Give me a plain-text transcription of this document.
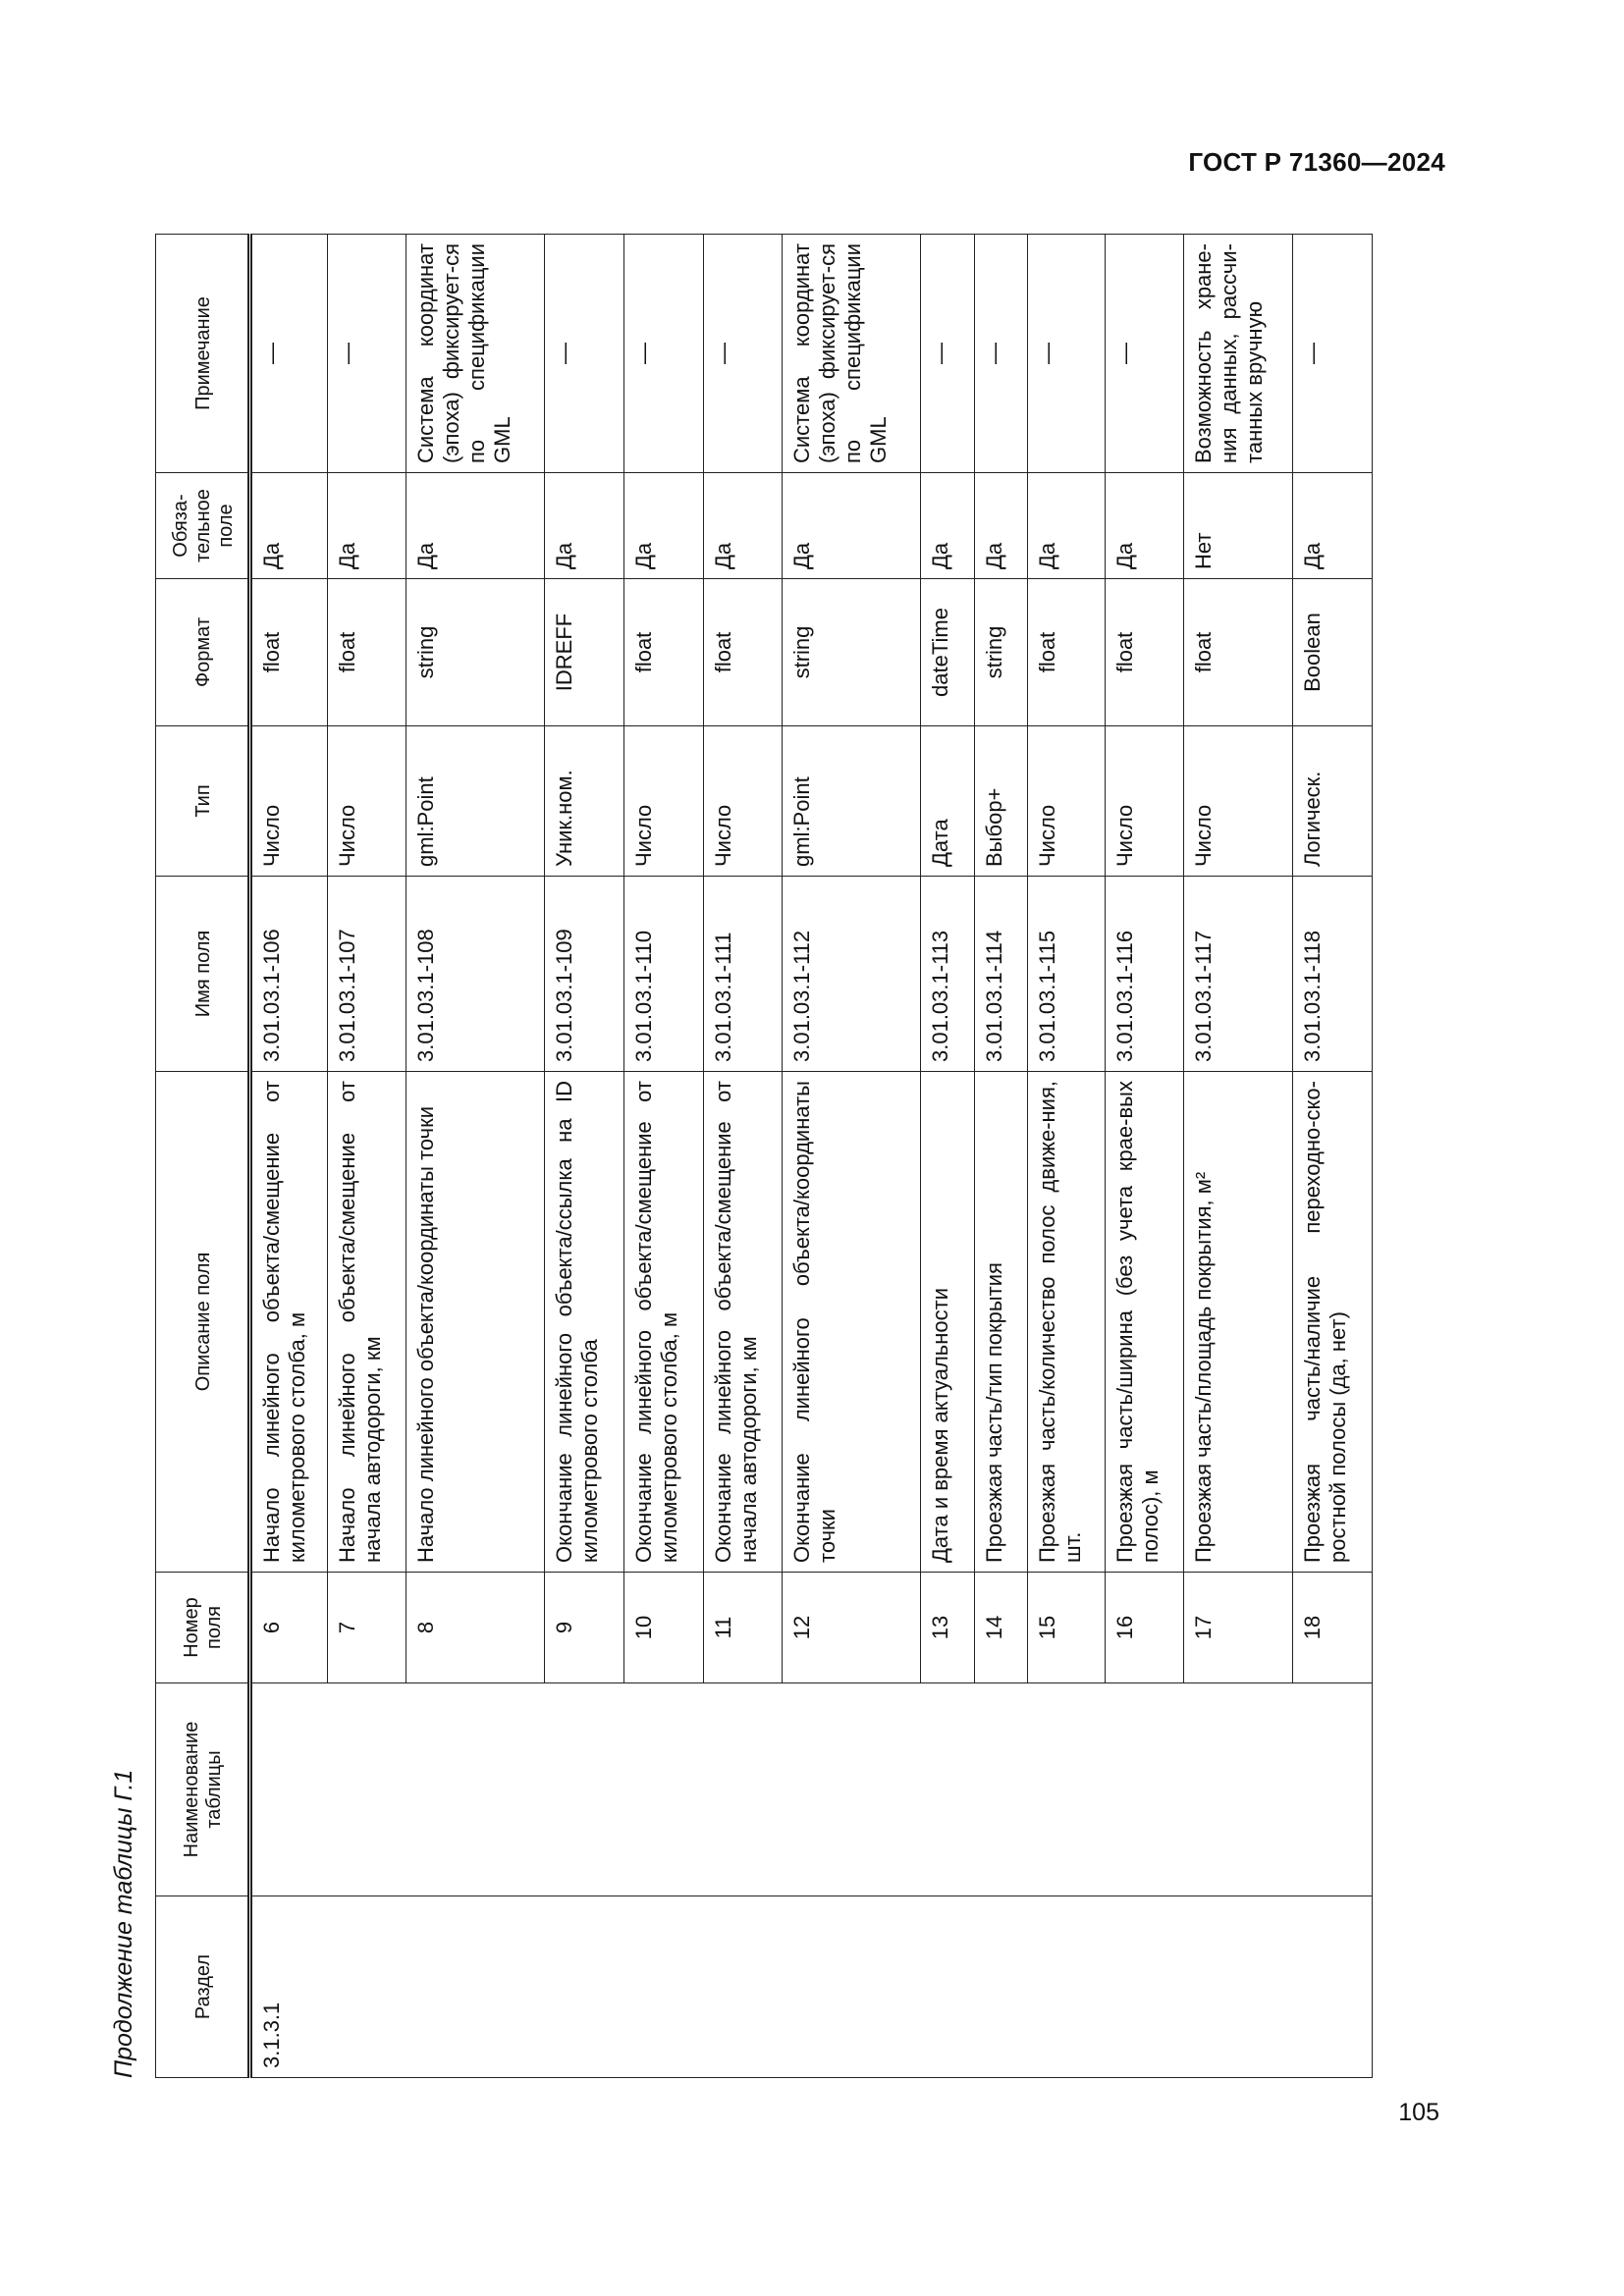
ГОСТ Р 71360—2024
Продолжение таблицы Г.1	Раздел	Наименование таблицы	Номер поля	Описание поля	Имя поля	Тип	Формат	Обяза-тельное поле	Примечание
3.1.3.1		6	Начало линейного объекта/смещение от километрового столба, м	3.01.03.1-106	Число	float	Да	—
		7	Начало линейного объекта/смещение от начала автодороги, км	3.01.03.1-107	Число	float	Да	—
		8	Начало линейного объекта/координаты точки	3.01.03.1-108	gml:Point	string	Да	Система координат (эпоха) фиксирует-ся по спецификации GML
		9	Окончание линейного объекта/ссылка на ID километрового столба	3.01.03.1-109	Уник.ном.	IDREFF	Да	—
		10	Окончание линейного объекта/смещение от километрового столба, м	3.01.03.1-110	Число	float	Да	—
		11	Окончание линейного объекта/смещение от начала автодороги, км	3.01.03.1-111	Число	float	Да	—
		12	Окончание линейного объекта/координаты точки	3.01.03.1-112	gml:Point	string	Да	Система координат (эпоха) фиксирует-ся по спецификации GML
		13	Дата и время актуальности	3.01.03.1-113	Дата	dateTime	Да	—
		14	Проезжая часть/тип покрытия	3.01.03.1-114	Выбор+	string	Да	—
		15	Проезжая часть/количество полос движе-ния, шт.	3.01.03.1-115	Число	float	Да	—
		16	Проезжая часть/ширина (без учета крае-вых полос), м	3.01.03.1-116	Число	float	Да	—
		17	Проезжая часть/площадь покрытия, м²	3.01.03.1-117	Число	float	Нет	Возможность хране-ния данных, рассчи-танных вручную
		18	Проезжая часть/наличие переходно-ско-ростной полосы (да, нет)	3.01.03.1-118	Логическ.	Boolean	Да	—
105
